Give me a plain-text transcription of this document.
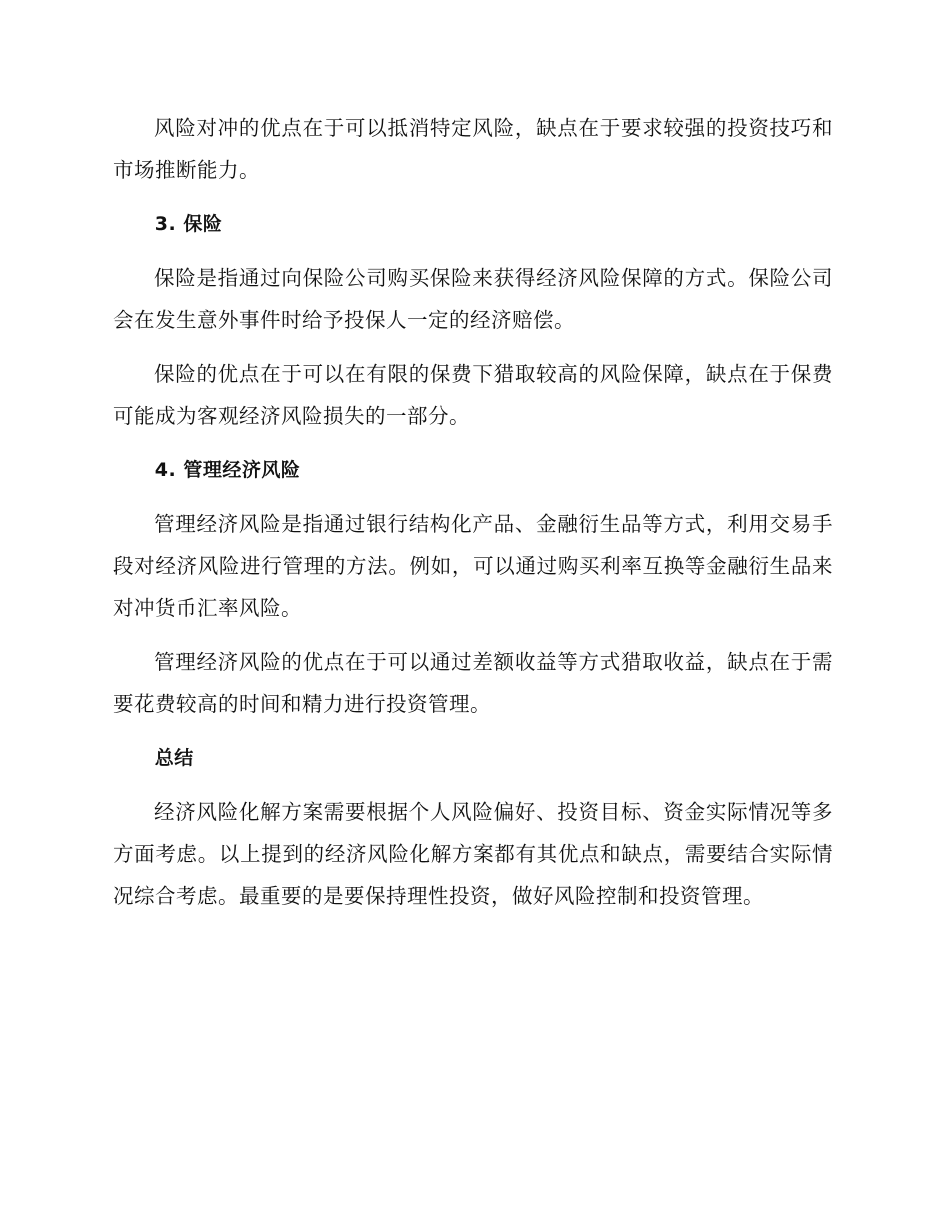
风险对冲的优点在于可以抵消特定风险，缺点在于要求较强的投资技巧和市场推断能力。

3. 保险

保险是指通过向保险公司购买保险来获得经济风险保障的方式。保险公司会在发生意外事件时给予投保人一定的经济赔偿。

保险的优点在于可以在有限的保费下猎取较高的风险保障，缺点在于保费可能成为客观经济风险损失的一部分。

4. 管理经济风险

管理经济风险是指通过银行结构化产品、金融衍生品等方式，利用交易手段对经济风险进行管理的方法。例如，可以通过购买利率互换等金融衍生品来对冲货币汇率风险。

管理经济风险的优点在于可以通过差额收益等方式猎取收益，缺点在于需要花费较高的时间和精力进行投资管理。

总结

经济风险化解方案需要根据个人风险偏好、投资目标、资金实际情况等多方面考虑。以上提到的经济风险化解方案都有其优点和缺点，需要结合实际情况综合考虑。最重要的是要保持理性投资，做好风险控制和投资管理。
